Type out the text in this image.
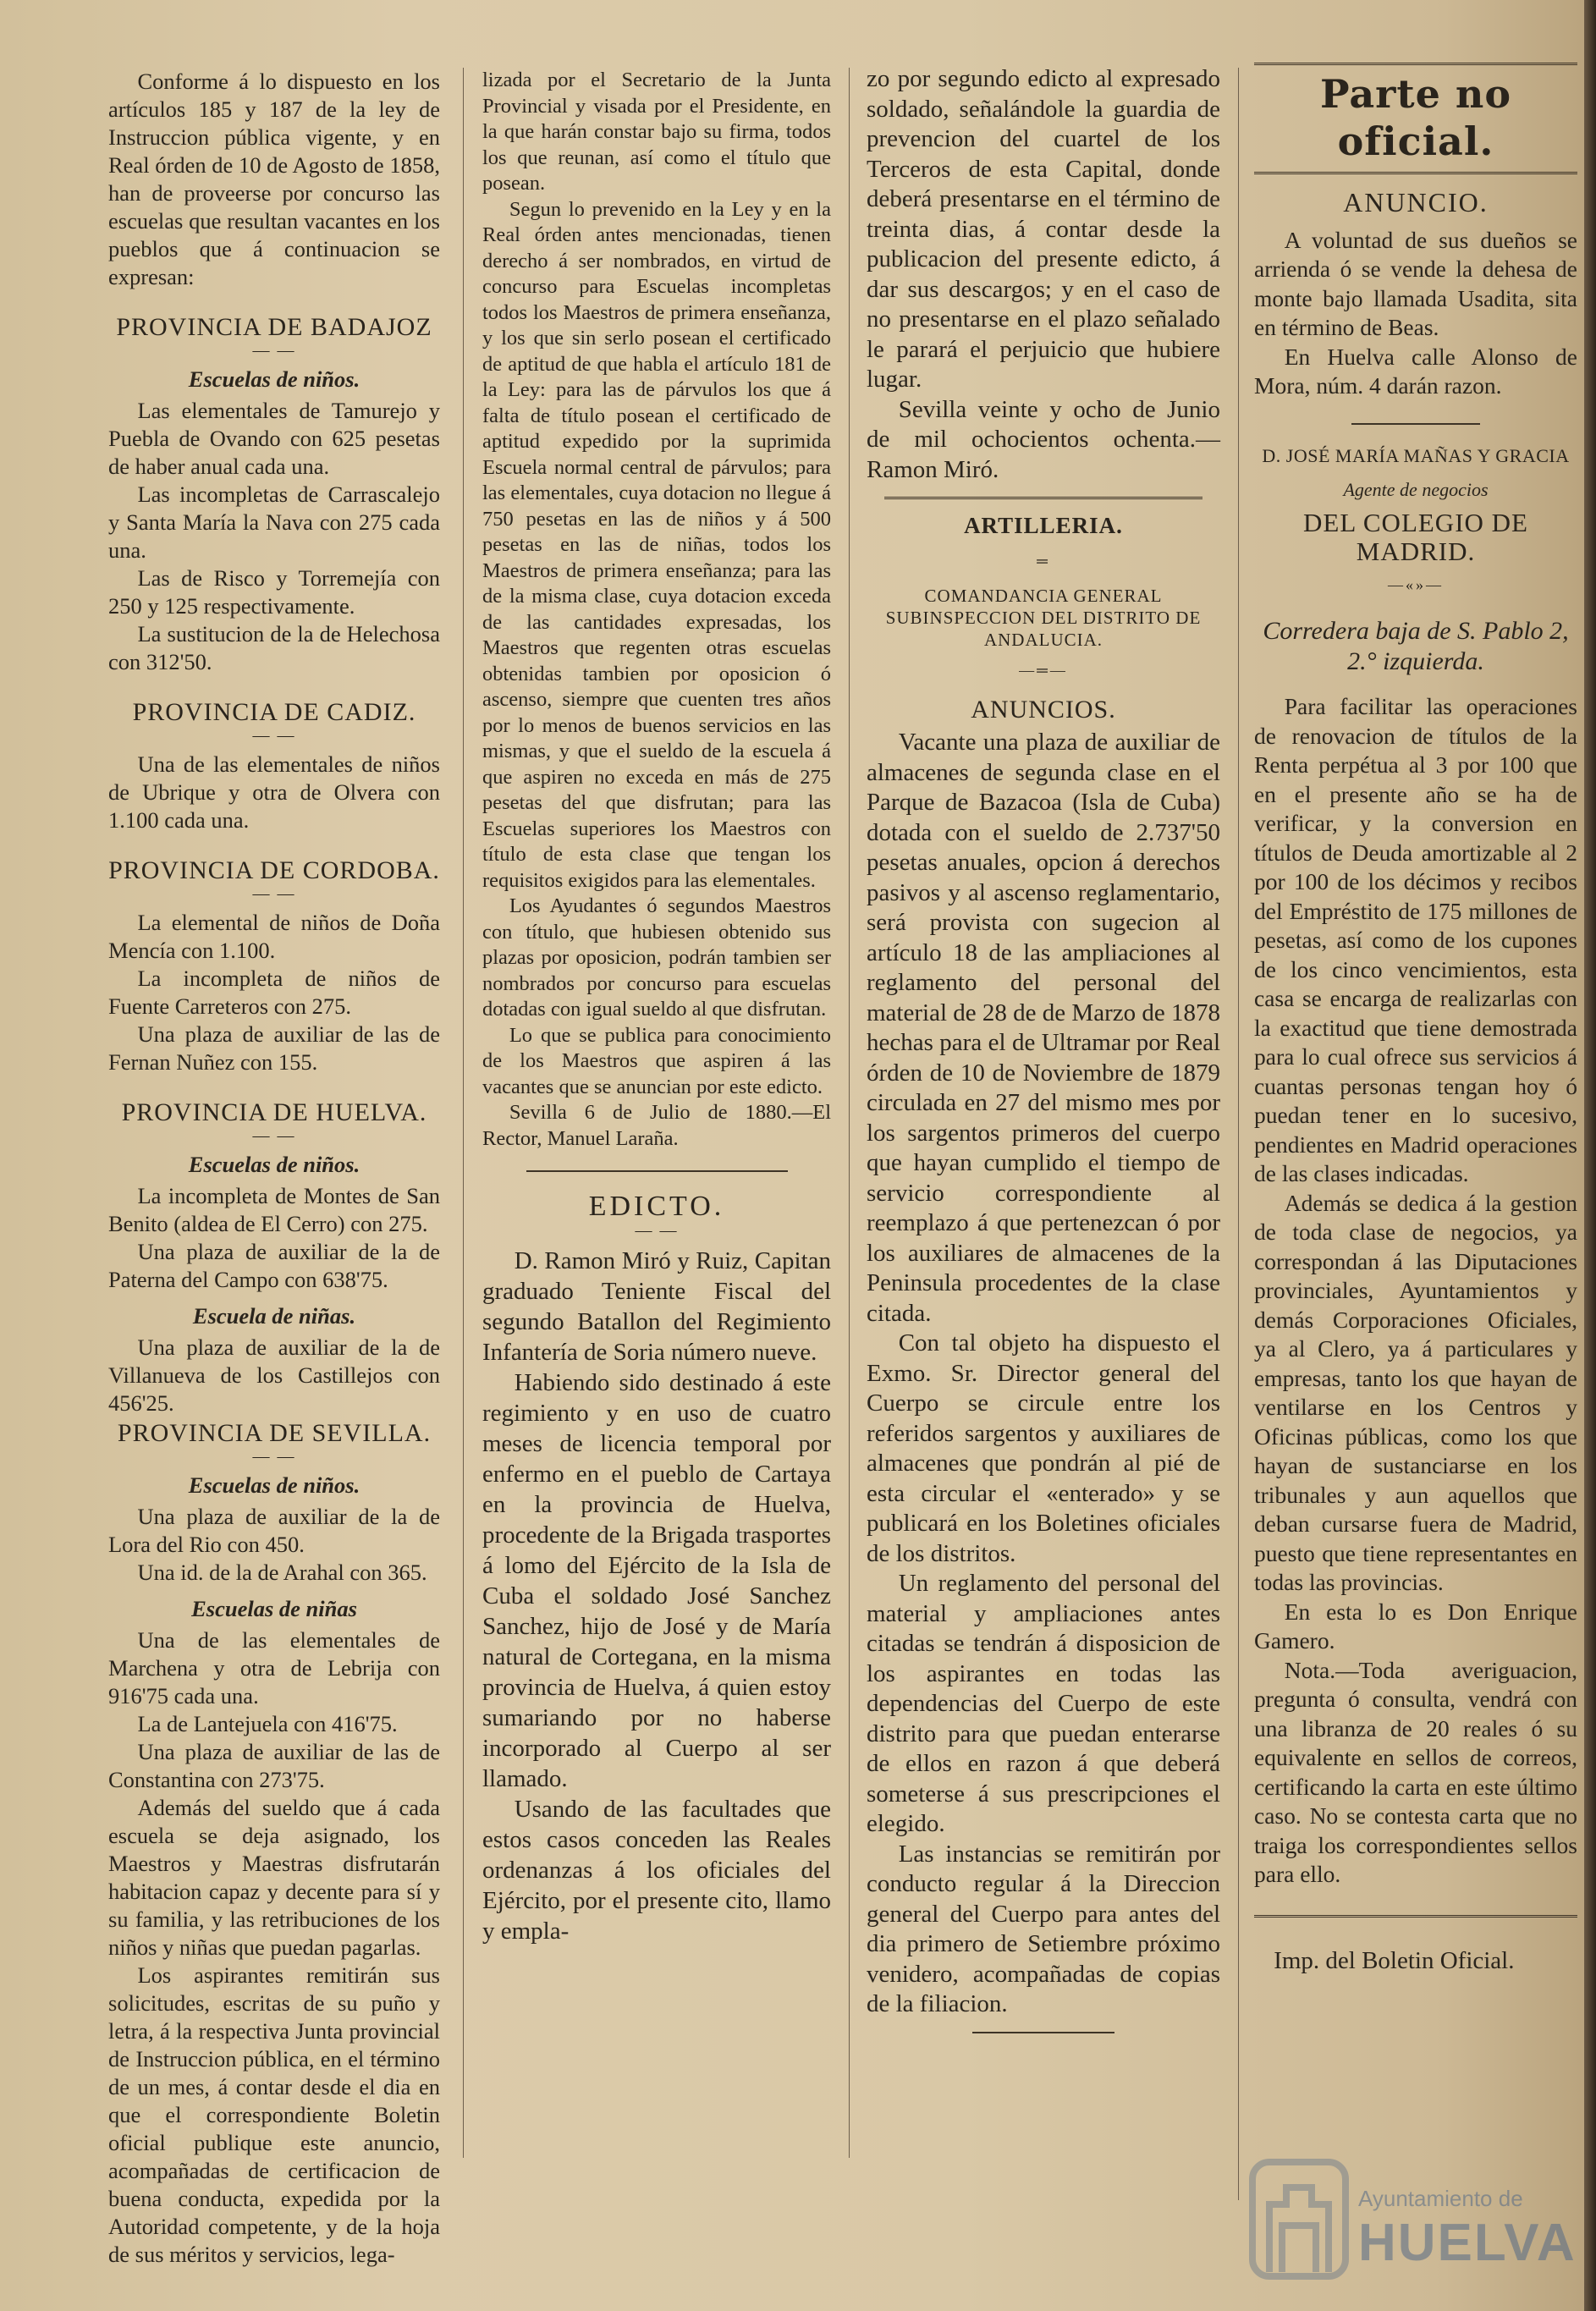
Conforme á lo dispuesto en los artículos 185 y 187 de la ley de Instruccion pública vigente, y en Real órden de 10 de Agosto de 1858, han de proveerse por concurso las escuelas que resultan vacantes en los pueblos que á continuacion se expresan:

PROVINCIA DE BADAJOZ
— —
Escuelas de niños.

Las elementales de Tamurejo y Puebla de Ovando con 625 pesetas de haber anual cada una.

Las incompletas de Carrascalejo y Santa María la Nava con 275 cada una.

Las de Risco y Torremejía con 250 y 125 respectivamente.

La sustitucion de la de Helechosa con 312'50.

PROVINCIA DE CADIZ.
— —

Una de las elementales de niños de Ubrique y otra de Olvera con 1.100 cada una.

PROVINCIA DE CORDOBA.
— —

La elemental de niños de Doña Mencía con 1.100.

La incompleta de niños de Fuente Carreteros con 275.

Una plaza de auxiliar de las de Fernan Nuñez con 155.

PROVINCIA DE HUELVA.
— —
Escuelas de niños.

La incompleta de Montes de San Benito (aldea de El Cerro) con 275.

Una plaza de auxiliar de la de Paterna del Campo con 638'75.

Escuela de niñas.

Una plaza de auxiliar de la de Villanueva de los Castillejos con 456'25.

PROVINCIA DE SEVILLA.
— —
Escuelas de niños.

Una plaza de auxiliar de la de Lora del Rio con 450.

Una id. de la de Arahal con 365.

Escuelas de niñas

Una de las elementales de Marchena y otra de Lebrija con 916'75 cada una.

La de Lantejuela con 416'75.

Una plaza de auxiliar de las de Constantina con 273'75.

Además del sueldo que á cada escuela se deja asignado, los Maestros y Maestras disfrutarán habitacion capaz y decente para sí y su familia, y las retribuciones de los niños y niñas que puedan pagarlas.

Los aspirantes remitirán sus solicitudes, escritas de su puño y letra, á la respectiva Junta provincial de Instruccion pública, en el término de un mes, á contar desde el dia en que el correspondiente Boletin oficial publique este anuncio, acompañadas de certificacion de buena conducta, expedida por la Autoridad competente, y de la hoja de sus méritos y servicios, lega-

lizada por el Secretario de la Junta Provincial y visada por el Presidente, en la que harán constar bajo su firma, todos los que reunan, así como el título que posean.

Segun lo prevenido en la Ley y en la Real órden antes mencionadas, tienen derecho á ser nombrados, en virtud de concurso para Escuelas incompletas todos los Maestros de primera enseñanza, y los que sin serlo posean el certificado de aptitud de que habla el artículo 181 de la Ley: para las de párvulos los que á falta de título posean el certificado de aptitud expedido por la suprimida Escuela normal central de párvulos; para las elementales, cuya dotacion no llegue á 750 pesetas en las de niños y á 500 pesetas en las de niñas, todos los Maestros de primera enseñanza; para las de la misma clase, cuya dotacion exceda de las cantidades expresadas, los Maestros que regenten otras escuelas obtenidas tambien por oposicion ó ascenso, siempre que cuenten tres años por lo menos de buenos servicios en las mismas, y que el sueldo de la escuela á que aspiren no exceda en más de 275 pesetas del que disfrutan; para las Escuelas superiores los Maestros con título de esta clase que tengan los requisitos exigidos para las elementales.

Los Ayudantes ó segundos Maestros con título, que hubiesen obtenido sus plazas por oposicion, podrán tambien ser nombrados por concurso para escuelas dotadas con igual sueldo al que disfrutan.

Lo que se publica para conocimiento de los Maestros que aspiren á las vacantes que se anuncian por este edicto.

Sevilla 6 de Julio de 1880.—El Rector, Manuel Laraña.

EDICTO.
— —

D. Ramon Miró y Ruiz, Capitan graduado Teniente Fiscal del segundo Batallon del Regimiento Infantería de Soria número nueve.

Habiendo sido destinado á este regimiento y en uso de cuatro meses de licencia temporal por enfermo en el pueblo de Cartaya en la provincia de Huelva, procedente de la Brigada trasportes á lomo del Ejército de la Isla de Cuba el soldado José Sanchez Sanchez, hijo de José y de María natural de Cortegana, en la misma provincia de Huelva, á quien estoy sumariando por no haberse incorporado al Cuerpo al ser llamado.

Usando de las facultades que estos casos conceden las Reales ordenanzas á los oficiales del Ejército, por el presente cito, llamo y empla-

zo por segundo edicto al expresado soldado, señalándole la guardia de prevencion del cuartel de los Terceros de esta Capital, donde deberá presentarse en el término de treinta dias, á contar desde la publicacion del presente edicto, á dar sus descargos; y en el caso de no presentarse en el plazo señalado le parará el perjuicio que hubiere lugar.

Sevilla veinte y ocho de Junio de mil ochocientos ochenta.—Ramon Miró.

ARTILLERIA.
═
COMANDANCIA GENERAL SUBINSPECCION DEL DISTRITO DE ANDALUCIA.
—═—
ANUNCIOS.

Vacante una plaza de auxiliar de almacenes de segunda clase en el Parque de Bazacoa (Isla de Cuba) dotada con el sueldo de 2.737'50 pesetas anuales, opcion á derechos pasivos y al ascenso reglamentario, será provista con sugecion al artículo 18 de las ampliaciones al reglamento del personal del material de 28 de de Marzo de 1878 hechas para el de Ultramar por Real órden de 10 de Noviembre de 1879 circulada en 27 del mismo mes por los sargentos primeros del cuerpo que hayan cumplido el tiempo de servicio correspondiente al reemplazo á que pertenezcan ó por los auxiliares de almacenes de la Peninsula procedentes de la clase citada.

Con tal objeto ha dispuesto el Exmo. Sr. Director general del Cuerpo se circule entre los referidos sargentos y auxiliares de almacenes que pondrán al pié de esta circular el «enterado» y se publicará en los Boletines oficiales de los distritos.

Un reglamento del personal del material y ampliaciones antes citadas se tendrán á disposicion de los aspirantes en todas las dependencias del Cuerpo de este distrito para que puedan enterarse de ellos en razon á que deberá someterse á sus prescripciones el elegido.

Las instancias se remitirán por conducto regular á la Direccion general del Cuerpo para antes del dia primero de Setiembre próximo venidero, acompañadas de copias de la filiacion.

Parte no oficial.
ANUNCIO.

A voluntad de sus dueños se arrienda ó se vende la dehesa de monte bajo llamada Usadita, sita en término de Beas.

En Huelva calle Alonso de Mora, núm. 4 darán razon.

D. JOSÉ MARÍA MAÑAS Y GRACIA
Agente de negocios
DEL COLEGIO DE MADRID.
—«»—
Corredera baja de S. Pablo 2, 2.° izquierda.

Para facilitar las operaciones de renovacion de títulos de la Renta perpétua al 3 por 100 que en el presente año se ha de verificar, y la conversion en títulos de Deuda amortizable al 2 por 100 de los décimos y recibos del Empréstito de 175 millones de pesetas, así como de los cupones de los cinco vencimientos, esta casa se encarga de realizarlas con la exactitud que tiene demostrada para lo cual ofrece sus servicios á cuantas personas tengan hoy ó puedan tener en lo sucesivo, pendientes en Madrid operaciones de las clases indicadas.

Además se dedica á la gestion de toda clase de negocios, ya correspondan á las Diputaciones provinciales, Ayuntamientos y demás Corporaciones Oficiales, ya al Clero, ya á particulares y empresas, tanto los que hayan de ventilarse en los Centros y Oficinas públicas, como los que hayan de sustanciarse en los tribunales y aun aquellos que deban cursarse fuera de Madrid, puesto que tiene representantes en todas las provincias.

En esta lo es Don Enrique Gamero.

Nota.—Toda averiguacion, pregunta ó consulta, vendrá con una libranza de 20 reales ó su equivalente en sellos de correos, certificando la carta en este último caso. No se contesta carta que no traiga los correspondientes sellos para ello.

Imp. del Boletin Oficial.
Ayuntamiento de
HUELVA
